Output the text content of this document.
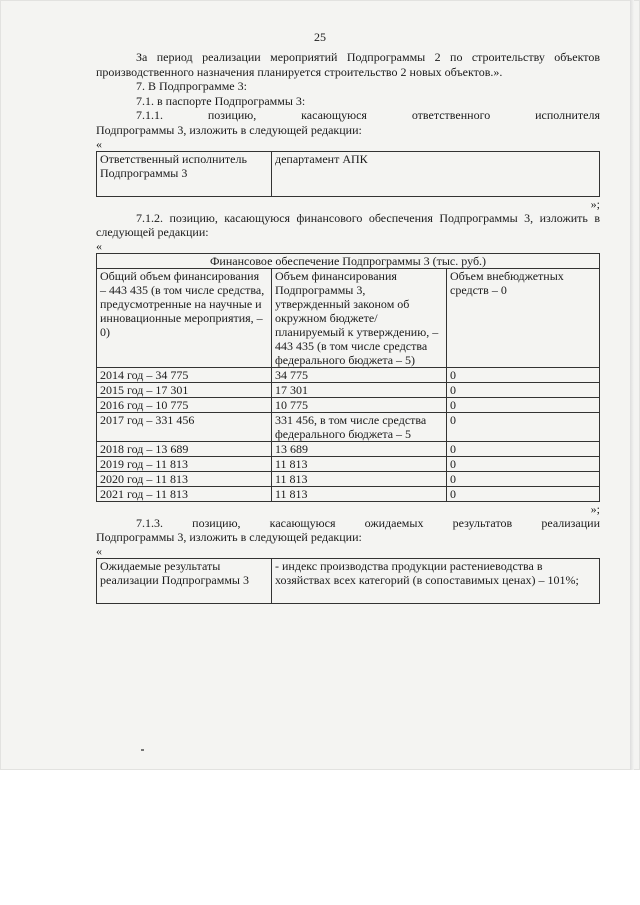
25

За период реализации мероприятий Подпрограммы 2 по строительству объектов производственного назначения планируется строительство 2 новых объектов.».

7. В Подпрограмме 3:

7.1. в паспорте Подпрограммы 3:

7.1.1. позицию, касающуюся ответственного исполнителя

Подпрограммы 3, изложить в следующей редакции:

«
Ответственный исполнитель Подпрограммы 3	департамент АПК
»;

7.1.2. позицию, касающуюся финансового обеспечения Подпрограммы 3, изложить в следующей редакции:

«
Финансовое обеспечение Подпрограммы 3 (тыс. руб.)		
Общий объем финансирования – 443 435 (в том числе средства, предусмотренные на научные и инновационные мероприятия, – 0)	Объем финансирования Подпрограммы 3, утвержденный законом об окружном бюджете/ планируемый к утверждению, – 443 435 (в том числе средства федерального бюджета – 5)	Объем внебюджетных средств – 0
2014 год – 34 775	34 775	0
2015 год – 17 301	17 301	0
2016 год – 10 775	10 775	0
2017 год – 331 456	331 456, в том числе средства федерального бюджета – 5	0
2018 год – 13 689	13 689	0
2019 год – 11 813	11 813	0
2020 год – 11 813	11 813	0
2021 год – 11 813	11 813	0
»;

7.1.3. позицию, касающуюся ожидаемых результатов реализации

Подпрограммы 3, изложить в следующей редакции:

«
Ожидаемые результаты реализации Подпрограммы 3	- индекс производства продукции растениеводства в хозяйствах всех категорий (в сопоставимых ценах) – 101%;
